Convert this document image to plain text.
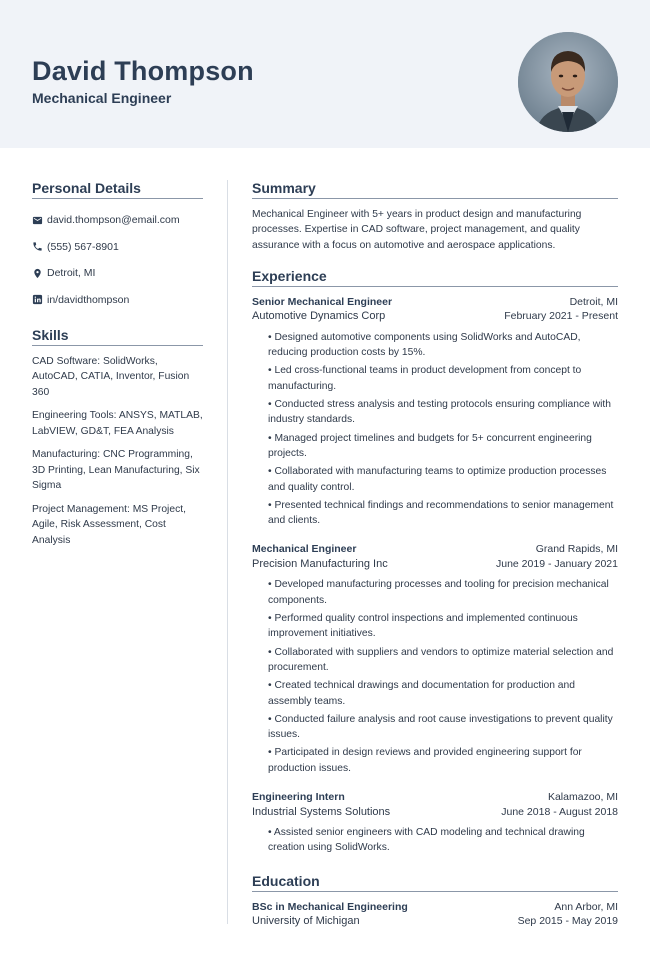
David Thompson
Mechanical Engineer
Personal Details
david.thompson@email.com
(555) 567-8901
Detroit, MI
in/davidthompson
Skills
CAD Software: SolidWorks, AutoCAD, CATIA, Inventor, Fusion 360
Engineering Tools: ANSYS, MATLAB, LabVIEW, GD&T, FEA Analysis
Manufacturing: CNC Programming, 3D Printing, Lean Manufacturing, Six Sigma
Project Management: MS Project, Agile, Risk Assessment, Cost Analysis
Summary
Mechanical Engineer with 5+ years in product design and manufacturing processes. Expertise in CAD software, project management, and quality assurance with a focus on automotive and aerospace applications.
Experience
Senior Mechanical Engineer	Detroit, MI
Automotive Dynamics Corp	February 2021 - Present
• Designed automotive components using SolidWorks and AutoCAD, reducing production costs by 15%.
• Led cross-functional teams in product development from concept to manufacturing.
• Conducted stress analysis and testing protocols ensuring compliance with industry standards.
• Managed project timelines and budgets for 5+ concurrent engineering projects.
• Collaborated with manufacturing teams to optimize production processes and quality control.
• Presented technical findings and recommendations to senior management and clients.
Mechanical Engineer	Grand Rapids, MI
Precision Manufacturing Inc	June 2019 - January 2021
• Developed manufacturing processes and tooling for precision mechanical components.
• Performed quality control inspections and implemented continuous improvement initiatives.
• Collaborated with suppliers and vendors to optimize material selection and procurement.
• Created technical drawings and documentation for production and assembly teams.
• Conducted failure analysis and root cause investigations to prevent quality issues.
• Participated in design reviews and provided engineering support for production issues.
Engineering Intern	Kalamazoo, MI
Industrial Systems Solutions	June 2018 - August 2018
• Assisted senior engineers with CAD modeling and technical drawing creation using SolidWorks.
Education
BSc in Mechanical Engineering	Ann Arbor, MI
University of Michigan	Sep 2015 - May 2019
